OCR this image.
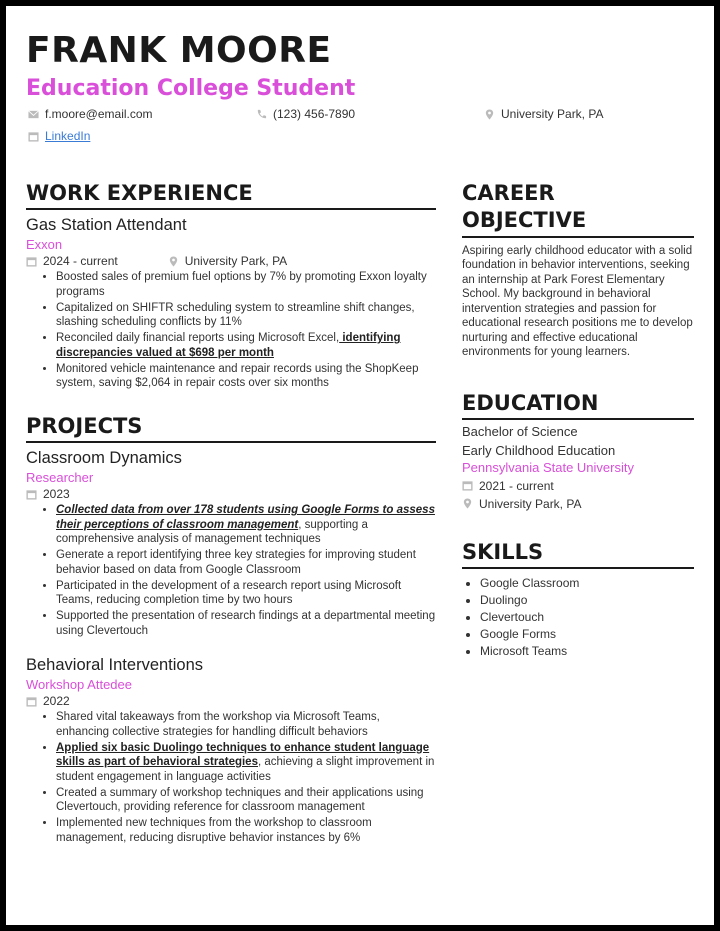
FRANK MOORE
Education College Student
f.moore@email.com	(123) 456-7890	University Park, PA
LinkedIn
WORK EXPERIENCE
Gas Station Attendant
Exxon
2024 - current	University Park, PA
• Boosted sales of premium fuel options by 7% by promoting Exxon loyalty programs
• Capitalized on SHIFTR scheduling system to streamline shift changes, slashing scheduling conflicts by 11%
• Reconciled daily financial reports using Microsoft Excel, identifying discrepancies valued at $698 per month
• Monitored vehicle maintenance and repair records using the ShopKeep system, saving $2,064 in repair costs over six months
PROJECTS
Classroom Dynamics
Researcher
2023
• Collected data from over 178 students using Google Forms to assess their perceptions of classroom management, supporting a comprehensive analysis of management techniques
• Generate a report identifying three key strategies for improving student behavior based on data from Google Classroom
• Participated in the development of a research report using Microsoft Teams, reducing completion time by two hours
• Supported the presentation of research findings at a departmental meeting using Clevertouch
Behavioral Interventions
Workshop Attedee
2022
• Shared vital takeaways from the workshop via Microsoft Teams, enhancing collective strategies for handling difficult behaviors
• Applied six basic Duolingo techniques to enhance student language skills as part of behavioral strategies, achieving a slight improvement in student engagement in language activities
• Created a summary of workshop techniques and their applications using Clevertouch, providing reference for classroom management
• Implemented new techniques from the workshop to classroom management, reducing disruptive behavior instances by 6%
CAREER
OBJECTIVE

Aspiring early childhood educator with a solid foundation in behavior interventions, seeking an internship at Park Forest Elementary School. My background in behavioral intervention strategies and passion for educational research positions me to develop nurturing and effective educational environments for young learners.

EDUCATION
Bachelor of Science
Early Childhood Education
Pennsylvania State University
2021 - current
University Park, PA
SKILLS
• Google Classroom
• Duolingo
• Clevertouch
• Google Forms
• Microsoft Teams
